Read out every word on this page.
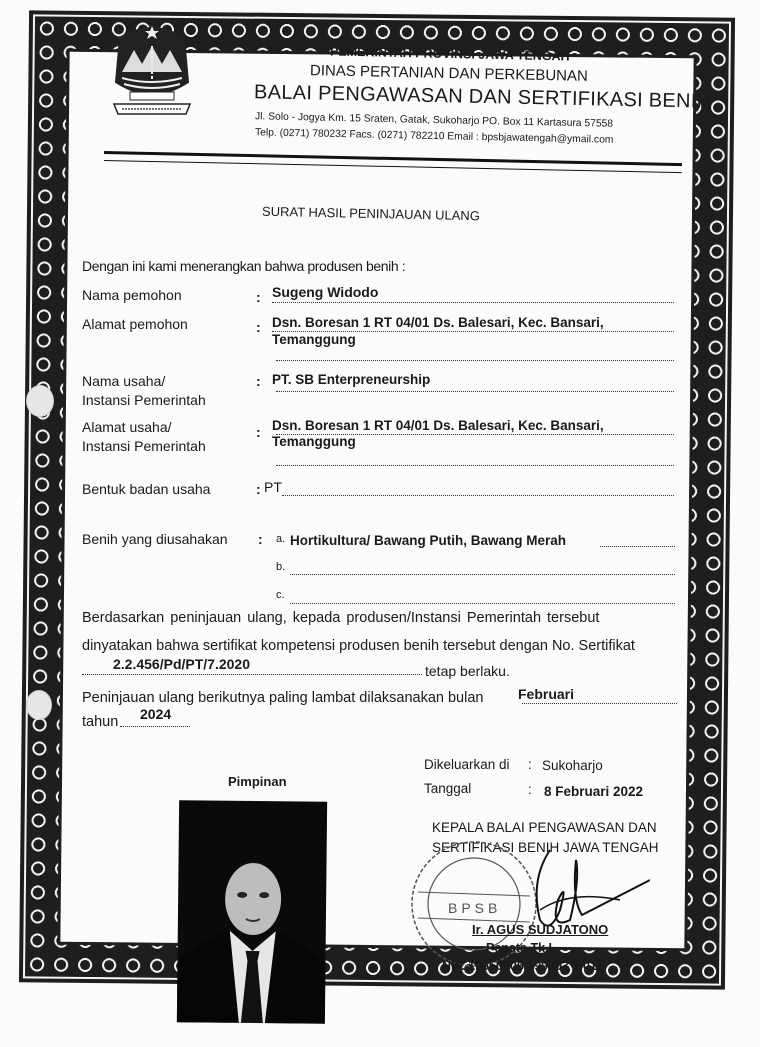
PEMERINTAH PROVINSI JAWA TENGAH
DINAS PERTANIAN DAN PERKEBUNAN
BALAI PENGAWASAN DAN SERTIFIKASI BENIH
Jl. Solo - Jogya Km. 15 Sraten, Gatak, Sukoharjo PO. Box 11 Kartasura 57558
Telp. (0271) 780232 Facs. (0271) 782210 Email : bpsbjawatengah@ymail.com
SURAT HASIL PENINJAUAN ULANG
Dengan ini kami menerangkan bahwa produsen benih :
Nama pemohon	: Sugeng Widodo
Alamat pemohon	: Dsn. Boresan 1 RT 04/01 Ds. Balesari, Kec. Bansari,
Temanggung
Nama usaha/
Instansi Pemerintah
: PT. SB Enterpreneurship
Alamat usaha/
Instansi Pemerintah
: Dsn. Boresan 1 RT 04/01 Ds. Balesari, Kec. Bansari,
Temanggung
Bentuk badan usaha	: PT
Benih yang diusahakan : a. Hortikultura/ Bawang Putih, Bawang Merah
b.
c.
Berdasarkan peninjauan ulang, kepada produsen/Instansi Pemerintah tersebut
dinyatakan bahwa sertifikat kompetensi produsen benih tersebut dengan No. Sertifikat
2.2.456/Pd/PT/7.2020	tetap berlaku.
Peninjauan ulang berikutnya paling lambat dilaksanakan bulan Februari
tahun 2024
Dikeluarkan di : Sukoharjo
Tanggal	: 8 Februari 2022
KEPALA BALAI PENGAWASAN DAN
SERTIFIKASI BENIH JAWA TENGAH
BPSB
Ir. AGUS SUDJATONO
Penata Tk.I
NIP. 19650806 199203 1 011
Pimpinan
